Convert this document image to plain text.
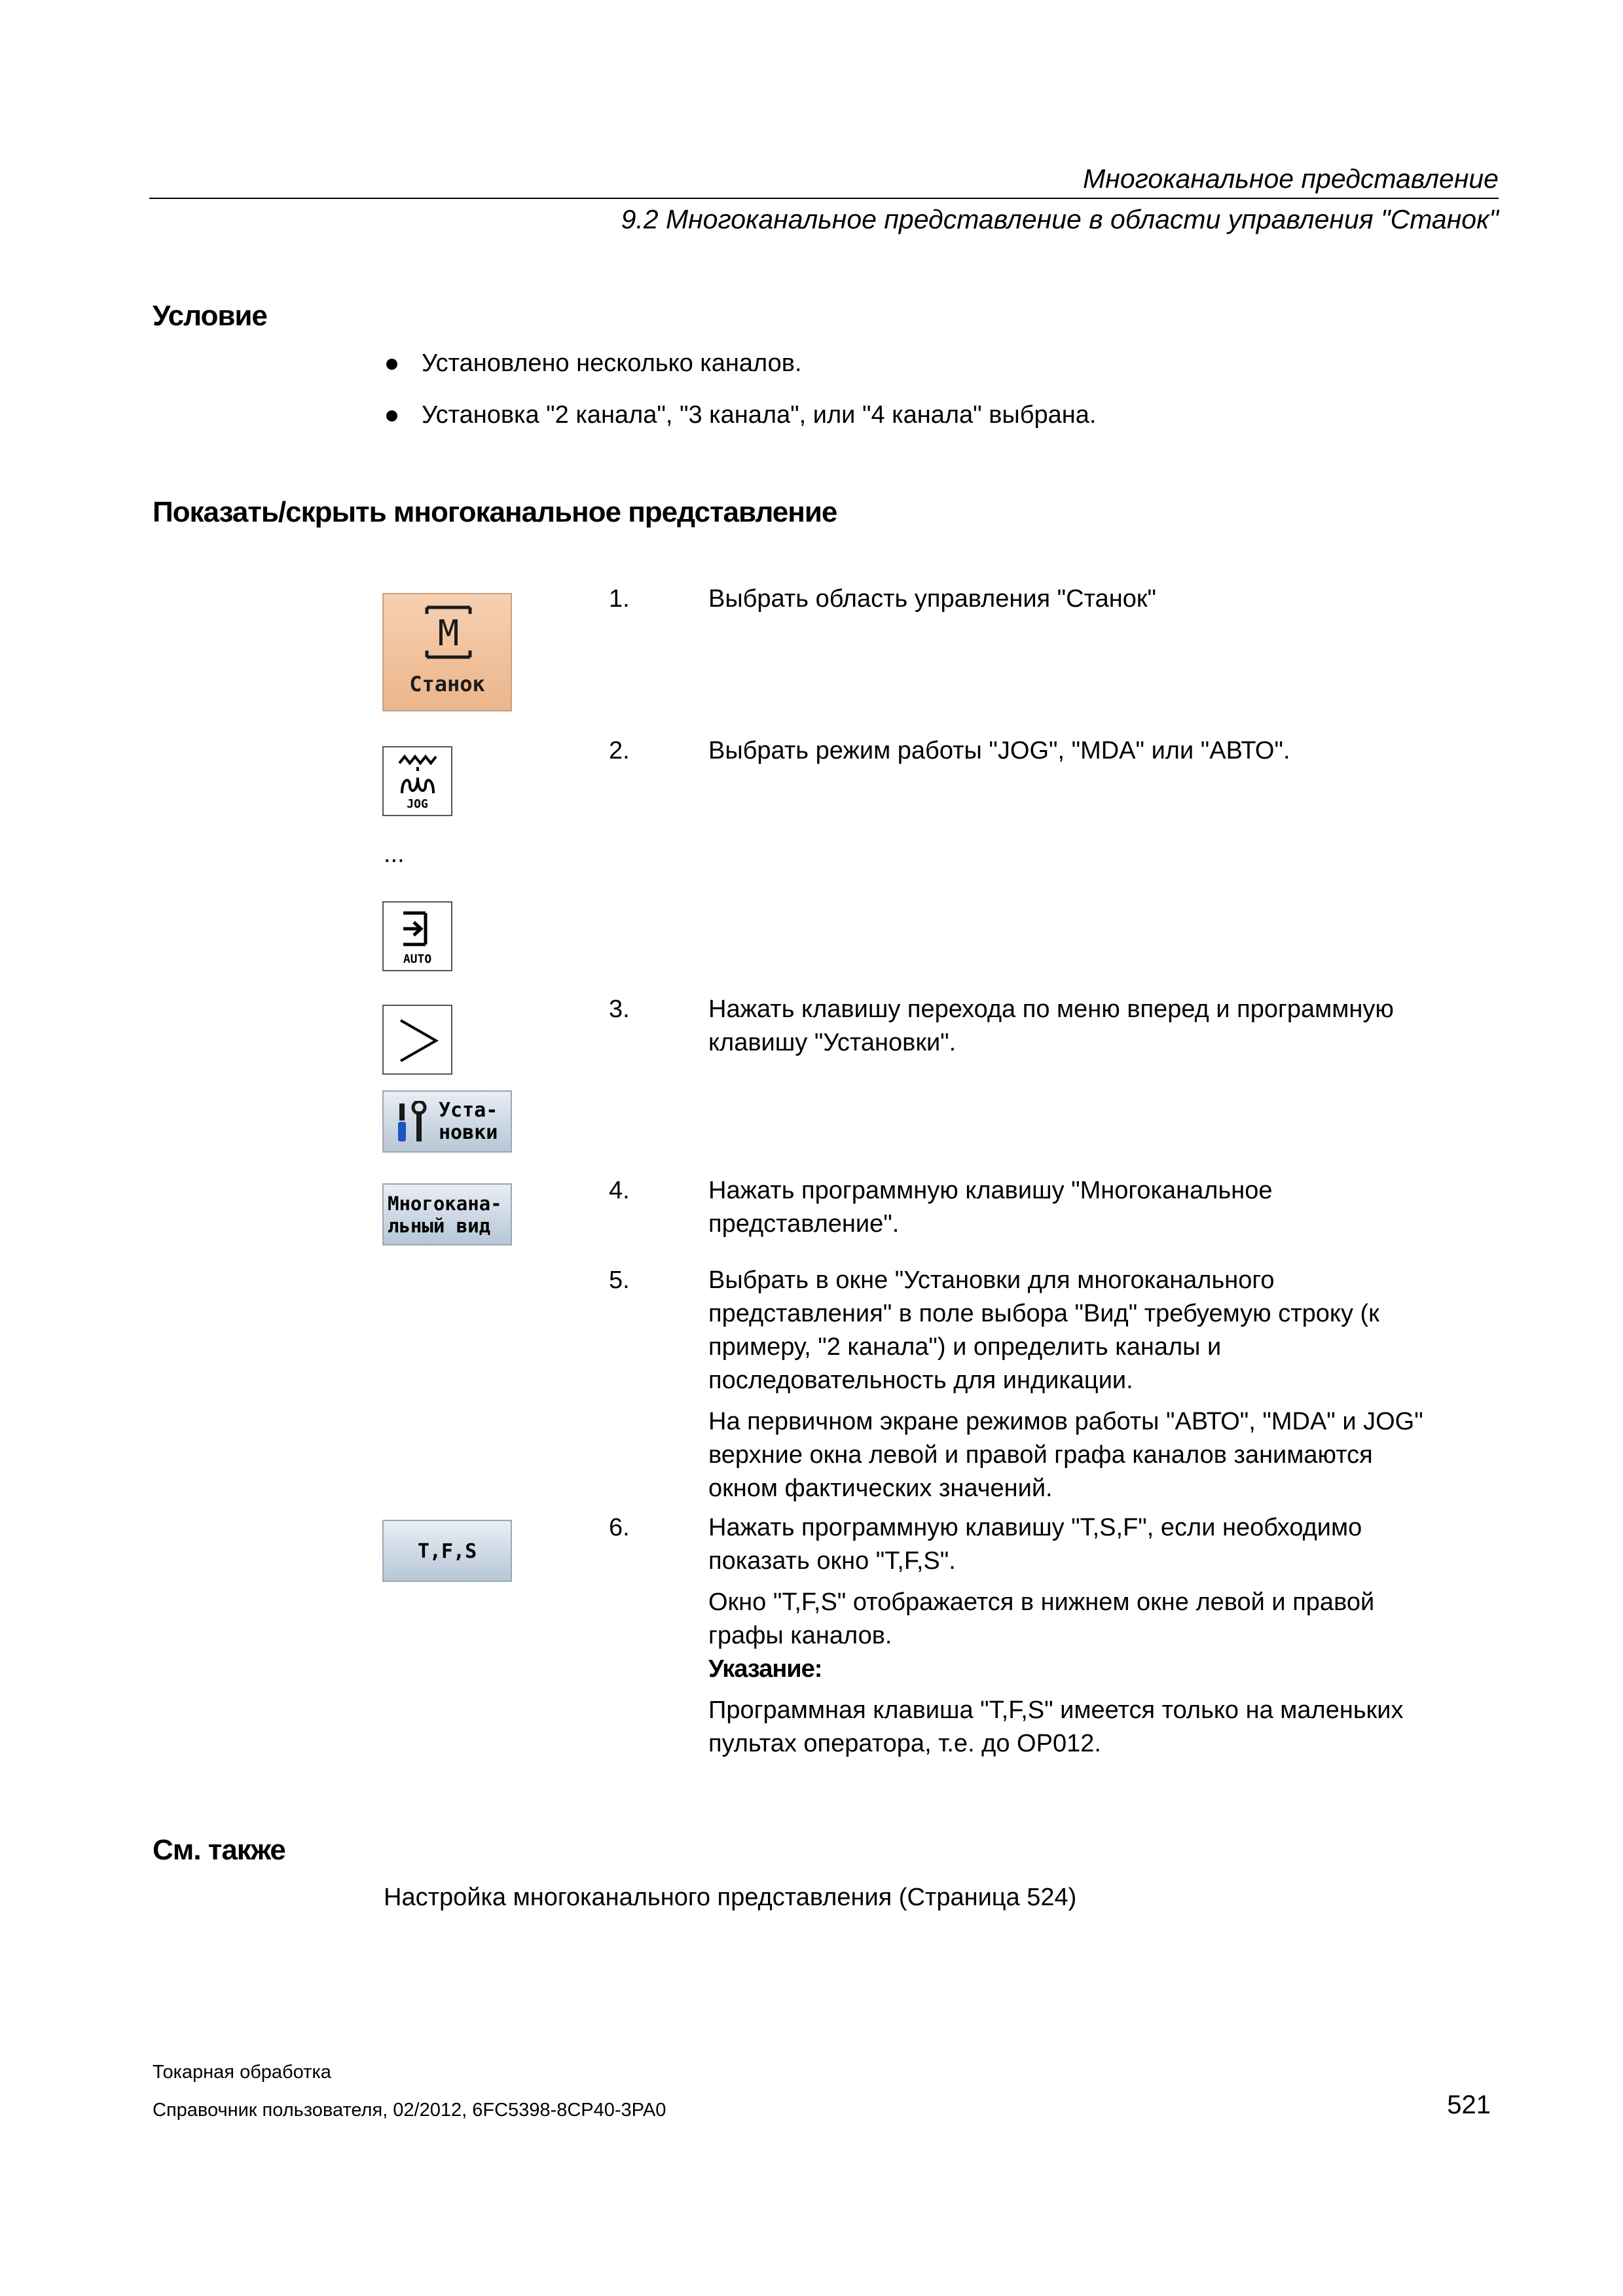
Многоканальное представление
9.2 Многоканальное представление в области управления "Станок"
Условие
Установлено несколько каналов.
Установка "2 канала", "3 канала", или "4 канала" выбрана.
Показать/скрыть многоканальное представление
M
Станок
JOG
...
AUTO
Уста-
новки
Многокана-
льный вид
T,F,S
1.	Выбрать область управления "Станок"

2.	Выбрать режим работы "JOG", "MDA" или "АВТО".

3.	Нажать клавишу перехода по меню вперед и программную

клавишу "Установки".

4.	Нажать программную клавишу "Многоканальное

представление".

5.	Выбрать в окне "Установки для многоканального

представления" в поле выбора "Вид" требуемую строку (к

примеру, "2 канала") и определить каналы и

последовательность для индикации.

На первичном экране режимов работы "АВТО", "MDA" и JOG"

верхние окна левой и правой графа каналов занимаются

окном фактических значений.

6.	Нажать программную клавишу "T,S,F", если необходимо

показать окно "T,F,S".

Окно "T,F,S" отображается в нижнем окне левой и правой

графы каналов.

Указание:

Программная клавиша "T,F,S" имеется только на маленьких

пультах оператора, т.е. до OP012.

См. также
Настройка многоканального представления (Страница 524)
Токарная обработка
Справочник пользователя, 02/2012, 6FC5398-8CP40-3PA0	521
